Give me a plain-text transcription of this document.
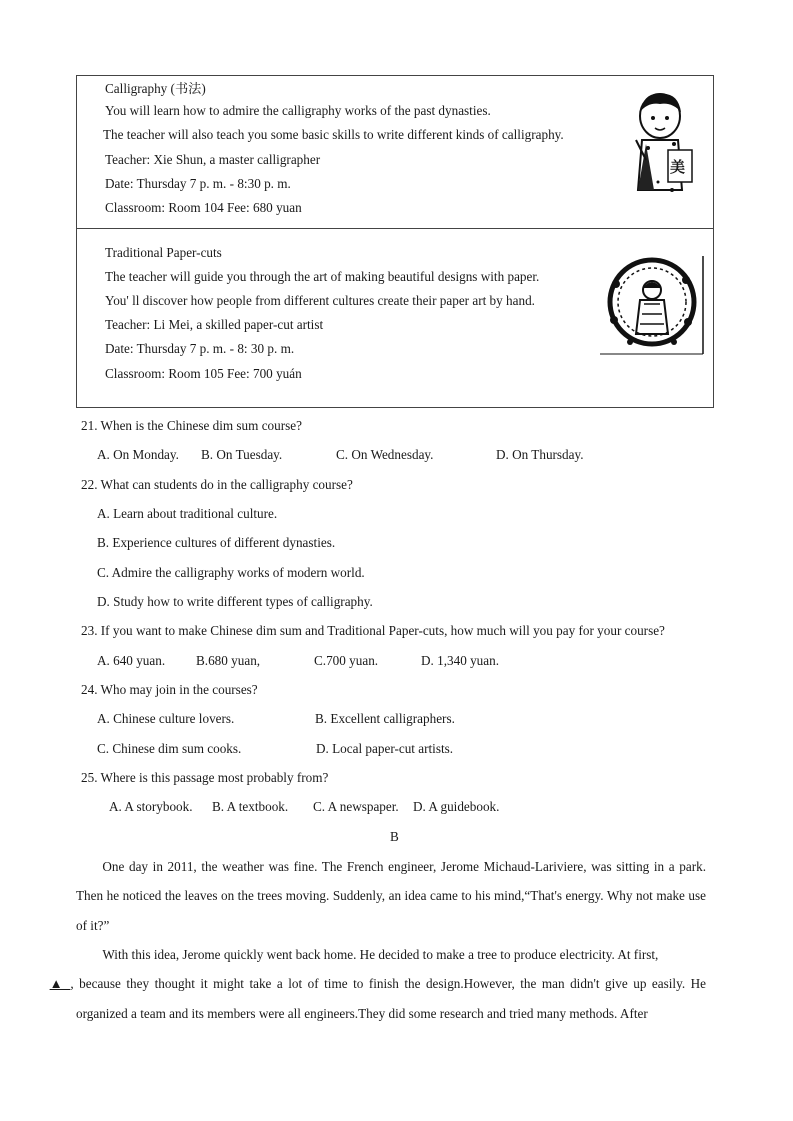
Calligraphy (书法)
You will learn how to admire the calligraphy works of the past dynasties.
The teacher will also teach you some basic skills to write different kinds of calligraphy.
Teacher: Xie Shun, a master calligrapher
Date: Thursday 7 p. m. - 8:30 p. m.
Classroom: Room 104 Fee: 680 yuan
美
Traditional Paper-cuts
The teacher will guide you through the art of making beautiful designs with paper.
You' ll discover how people from different cultures create their paper art by hand.
Teacher: Li Mei, a skilled paper-cut artist
Date: Thursday 7 p. m. - 8: 30 p. m.
Classroom: Room 105 Fee: 700 yuán
21. When is the Chinese dim sum course?
A. On Monday. B. On Tuesday.	C. On Wednesday.	D. On Thursday.
22. What can students do in the calligraphy course?
A. Learn about traditional culture.
B. Experience cultures of different dynasties.
C. Admire the calligraphy works of modern world.
D. Study how to write different types of calligraphy.
23. If you want to make Chinese dim sum and Traditional Paper-cuts, how much will you pay for your course?
A. 640 yuan. B.680 yuan,	C.700 yuan.	D. 1,340 yuan.
24. Who may join in the courses?
A. Chinese culture lovers.	B. Excellent calligraphers.
C. Chinese dim sum cooks.	D. Local paper-cut artists.
25. Where is this passage most probably from?
A. A storybook. B. A textbook. C. A newspaper. D. A guidebook.
B
One day in 2011, the weather was fine. The French engineer, Jerome Michaud-Lariviere, was sitting in a park. Then he noticed the leaves on the trees moving. Suddenly, an idea came to his mind,“That's energy. Why not make use of it?”
With this idea, Jerome quickly went back home. He decided to make a tree to produce electricity. At first,
▲ , because they thought it might take a lot of time to finish the design.However, the man didn't give up easily. He organized a team and its members were all engineers.They did some research and tried many methods. After
